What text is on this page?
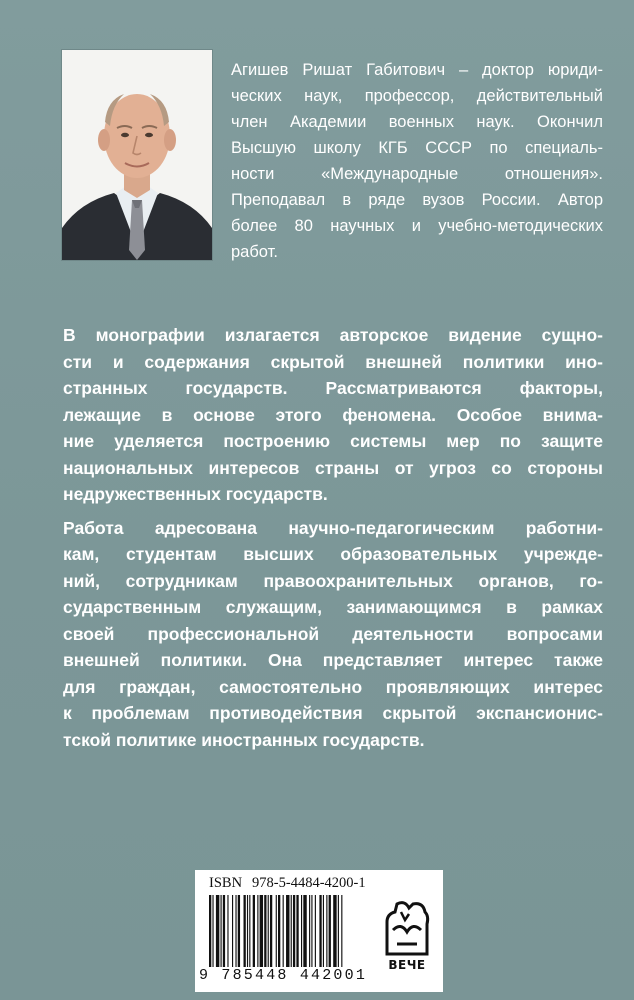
Агишев Ришат Габитович – доктор юриди-
ческих наук, профессор, действительный
член Академии военных наук. Окончил
Высшую школу КГБ СССР по специаль-
ности «Международные отношения».
Преподавал в ряде вузов России. Автор
более 80 научных и учебно-методических
работ.
В монографии излагается авторское видение сущно-
сти и содержания скрытой внешней политики ино-
странных государств. Рассматриваются факторы,
лежащие в основе этого феномена. Особое внима-
ние уделяется построению системы мер по защите
национальных интересов страны от угроз со стороны
недружественных государств.
Работа адресована научно-педагогическим работни-
кам, студентам высших образовательных учрежде-
ний, сотрудникам правоохранительных органов, го-
сударственным служащим, занимающимся в рамках
своей профессиональной деятельности вопросами
внешней политики. Она представляет интерес также
для граждан, самостоятельно проявляющих интерес
к проблемам противодействия скрытой экспансионис-
тской политике иностранных государств.
ISBN 978-5-4484-4200-1
9 785448 442001
ВЕЧЕ
